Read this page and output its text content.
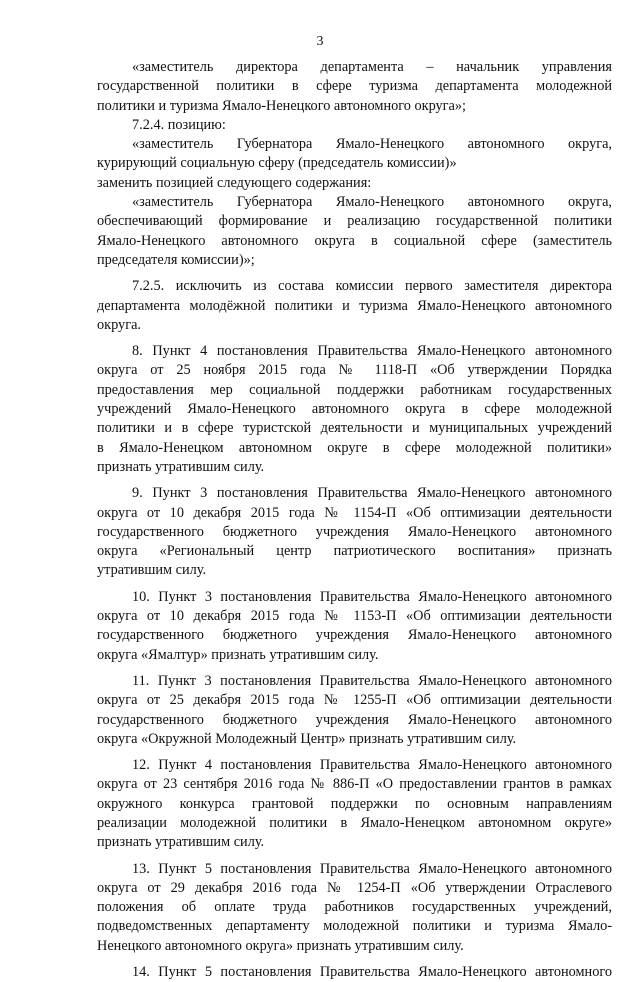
3
«заместитель директора департамента – начальник управления
государственной политики в сфере туризма департамента молодежной
политики и туризма Ямало-Ненецкого автономного округа»;
7.2.4. позицию:
«заместитель Губернатора Ямало-Ненецкого автономного округа,
курирующий социальную сферу (председатель комиссии)»
заменить позицией следующего содержания:
«заместитель Губернатора Ямало-Ненецкого автономного округа,
обеспечивающий формирование и реализацию государственной политики
Ямало-Ненецкого автономного округа в социальной сфере (заместитель
председателя комиссии)»;
7.2.5. исключить из состава комиссии первого заместителя директора
департамента молодёжной политики и туризма Ямало-Ненецкого автономного
округа.
8. Пункт 4 постановления Правительства Ямало-Ненецкого автономного
округа от 25 ноября 2015 года № 1118-П «Об утверждении Порядка
предоставления мер социальной поддержки работникам государственных
учреждений Ямало-Ненецкого автономного округа в сфере молодежной
политики и в сфере туристской деятельности и муниципальных учреждений
в Ямало-Ненецком автономном округе в сфере молодежной политики»
признать утратившим силу.
9. Пункт 3 постановления Правительства Ямало-Ненецкого автономного
округа от 10 декабря 2015 года № 1154-П «Об оптимизации деятельности
государственного бюджетного учреждения Ямало-Ненецкого автономного
округа «Региональный центр патриотического воспитания» признать
утратившим силу.
10. Пункт 3 постановления Правительства Ямало-Ненецкого автономного
округа от 10 декабря 2015 года № 1153-П «Об оптимизации деятельности
государственного бюджетного учреждения Ямало-Ненецкого автономного
округа «Ямалтур» признать утратившим силу.
11. Пункт 3 постановления Правительства Ямало-Ненецкого автономного
округа от 25 декабря 2015 года № 1255-П «Об оптимизации деятельности
государственного бюджетного учреждения Ямало-Ненецкого автономного
округа «Окружной Молодежный Центр» признать утратившим силу.
12. Пункт 4 постановления Правительства Ямало-Ненецкого автономного
округа от 23 сентября 2016 года № 886-П «О предоставлении грантов в рамках
окружного конкурса грантовой поддержки по основным направлениям
реализации молодежной политики в Ямало-Ненецком автономном округе»
признать утратившим силу.
13. Пункт 5 постановления Правительства Ямало-Ненецкого автономного
округа от 29 декабря 2016 года № 1254-П «Об утверждении Отраслевого
положения об оплате труда работников государственных учреждений,
подведомственных департаменту молодежной политики и туризма Ямало-
Ненецкого автономного округа» признать утратившим силу.
14. Пункт 5 постановления Правительства Ямало-Ненецкого автономного
